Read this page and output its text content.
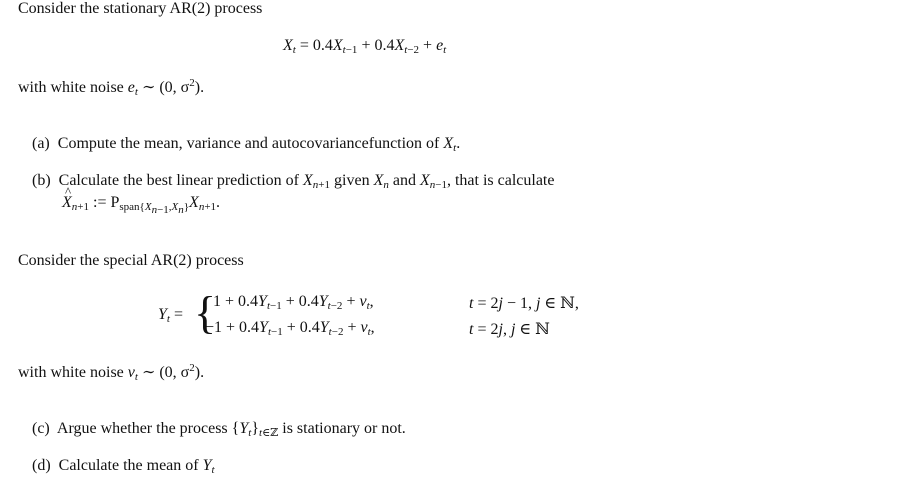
Consider the stationary AR(2) process
$X_t = 0.4X_{t-1} + 0.4X_{t-2} + e_t$
with white noise $e_t$ ∼ (0, $\sigma^2$).
(a) Compute the mean, variance and autocovariancefunction of $X_t$.
(b) Calculate the best linear prediction of $X_{n+1}$ given $X_n$ and $X_{n-1}$, that is calculate
^ $X_{n+1}$ := $P_{span\{X_{n-1},X_n\}}X_{n+1}$.
Consider the special AR(2) process
$Y_t$ = {
$1 + 0.4Y_{t-1} + 0.4Y_{t-2} + v_t$,	t = 2j − 1, j ∈ ℕ,
$-1 + 0.4Y_{t-1} + 0.4Y_{t-2} + v_t$,	t = 2j, j ∈ ℕ
with white noise $v_t$ ∼ (0, $\sigma^2$).
(c) Argue whether the process $\{Y_t\}_{t\in ℤ}$ is stationary or not.
(d) Calculate the mean of $Y_t$
